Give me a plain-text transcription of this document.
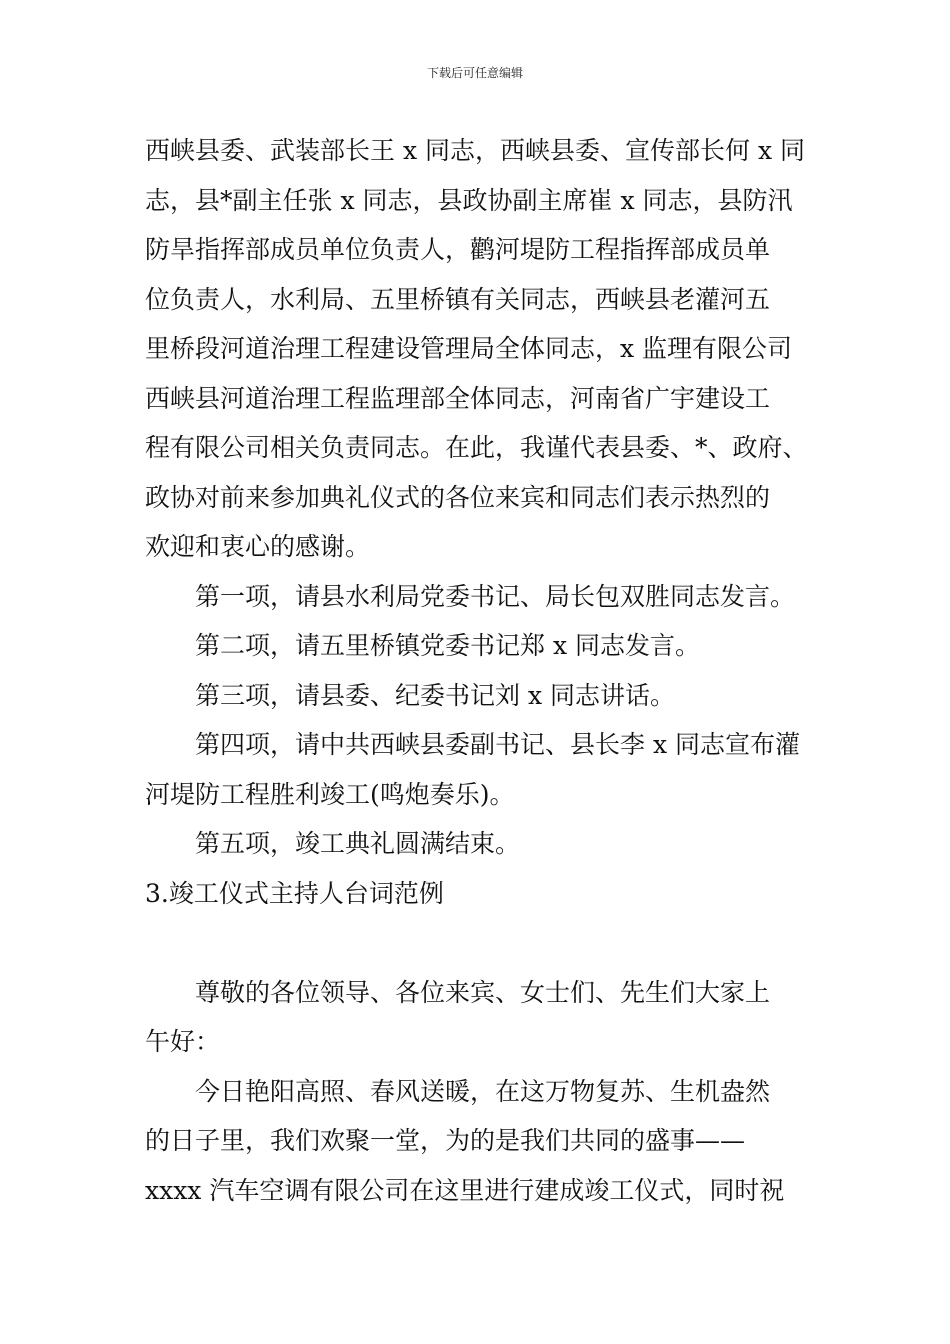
下载后可任意编辑
西峡县委、武装部长王 x 同志，西峡县委、宣传部长何 x 同
志，县*副主任张 x 同志，县政协副主席崔 x 同志，县防汛
防旱指挥部成员单位负责人，鹳河堤防工程指挥部成员单
位负责人，水利局、五里桥镇有关同志，西峡县老灌河五
里桥段河道治理工程建设管理局全体同志，x 监理有限公司
西峡县河道治理工程监理部全体同志，河南省广宇建设工
程有限公司相关负责同志。在此，我谨代表县委、*、政府、
政协对前来参加典礼仪式的各位来宾和同志们表示热烈的
欢迎和衷心的感谢。
第一项，请县水利局党委书记、局长包双胜同志发言。
第二项，请五里桥镇党委书记郑 x 同志发言。
第三项，请县委、纪委书记刘 x 同志讲话。
第四项，请中共西峡县委副书记、县长李 x 同志宣布灌
河堤防工程胜利竣工(鸣炮奏乐)。
第五项，竣工典礼圆满结束。
3.竣工仪式主持人台词范例
尊敬的各位领导、各位来宾、女士们、先生们大家上
午好：
今日艳阳高照、春风送暖，在这万物复苏、生机盎然
的日子里，我们欢聚一堂，为的是我们共同的盛事——
xxxx 汽车空调有限公司在这里进行建成竣工仪式，同时祝
